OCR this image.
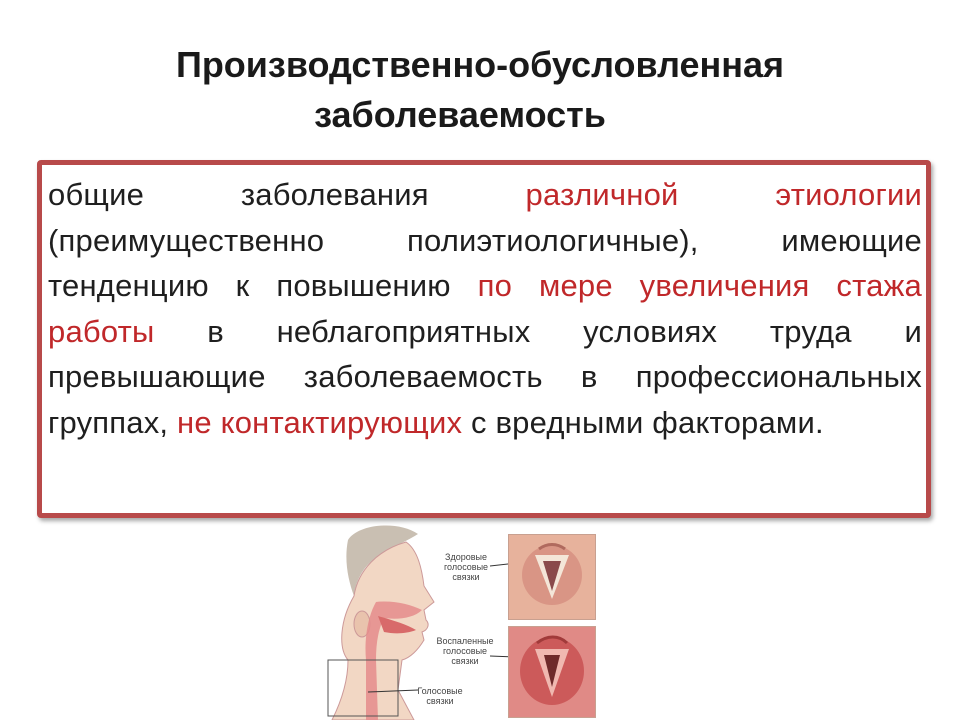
Производственно-обусловленная
заболеваемость
общие заболевания различной этиологии (преимущественно полиэтиологичные), имеющие тенденцию к повышению по мере увеличения стажа работы в неблагоприятных условиях труда и превышающие заболеваемость в профессиональных группах, не контактирующих с вредными факторами.
Здоровые голосовые связки
Воспаленные голосовые связки
Голосовые связки
